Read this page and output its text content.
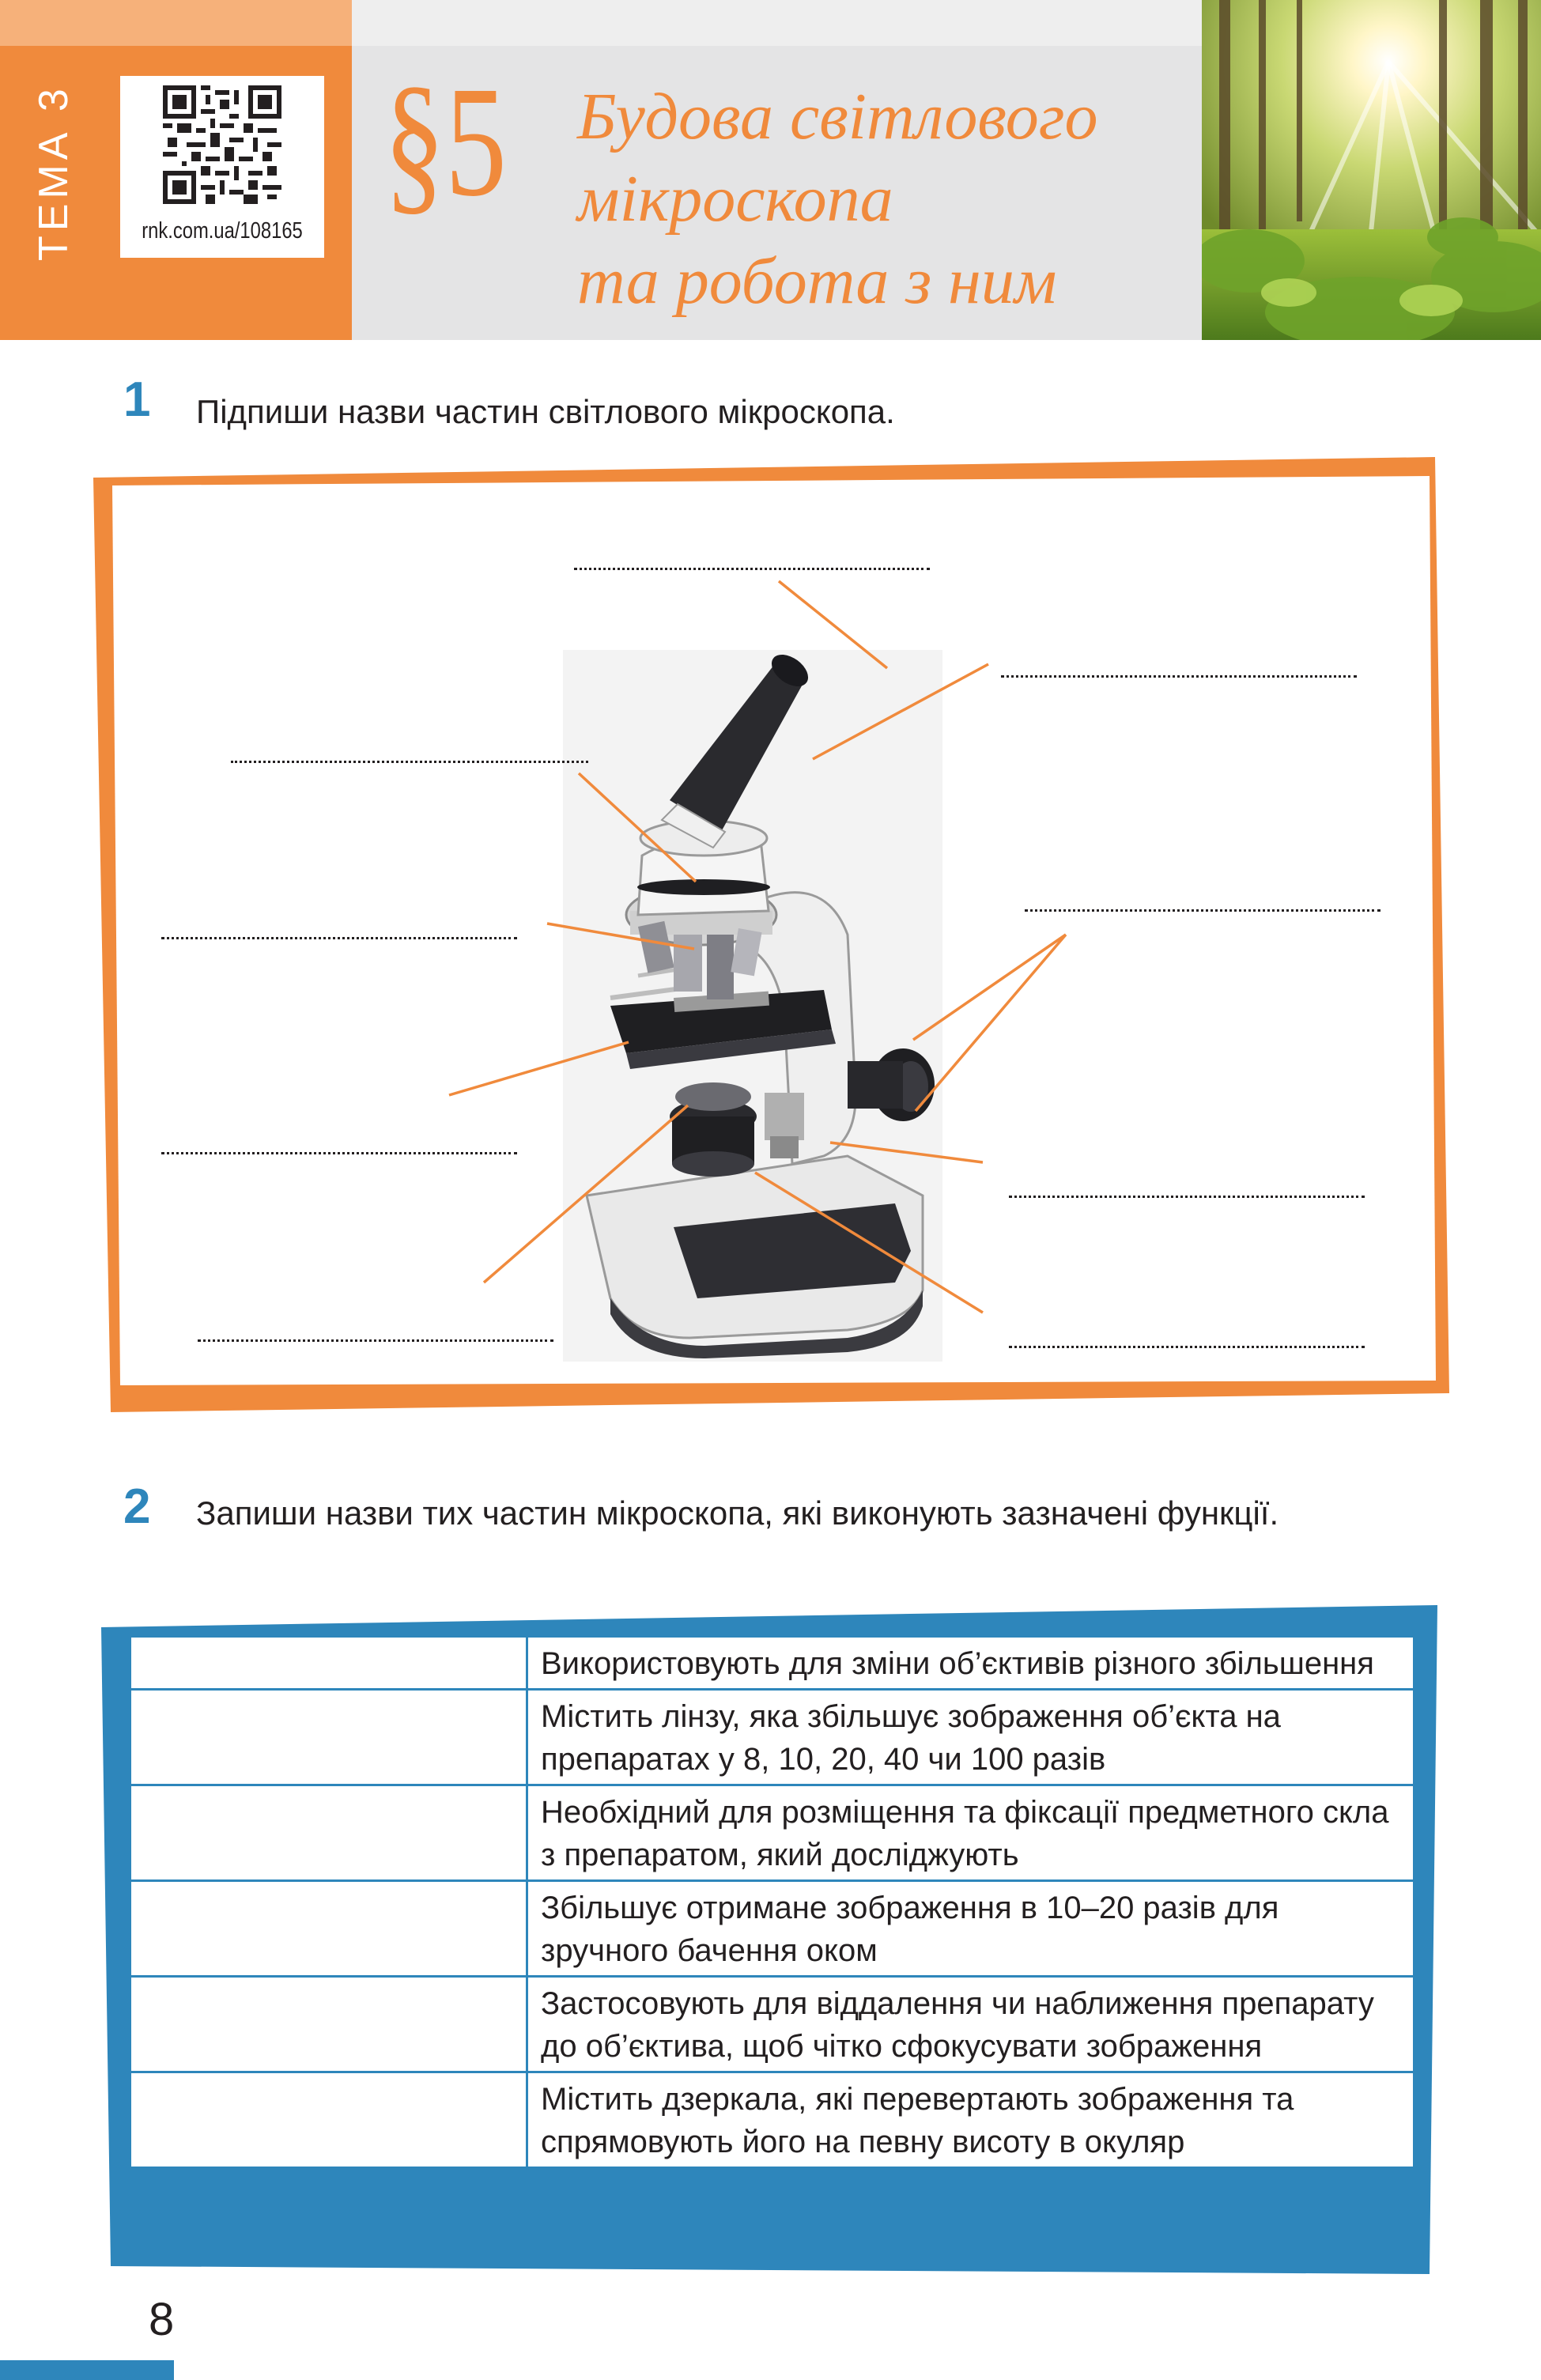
ТЕМА 3	rnk.com.ua/108165
§5 Будова світлового
мікроскопа
та робота з ним
1 Підпиши назви частин світлового мікроскопа.
2	Запиши назви тих частин мікроскопа, які виконують зазначені функції.
	Використовують для зміни об’єктивів різного збільшення
	Містить лінзу, яка збільшує зображення об’єкта на препаратах у 8, 10, 20, 40 чи 100 разів
	Необхідний для розміщення та фіксації предметного скла з препаратом, який досліджують
	Збільшує отримане зображення в 10–20 разів для зручного бачення оком
	Застосовують для віддалення чи наближення препарату до об’єктива, щоб чітко сфокусувати зображення
	Містить дзеркала, які перевертають зображення та спрямовують його на певну висоту в окуляр
8
